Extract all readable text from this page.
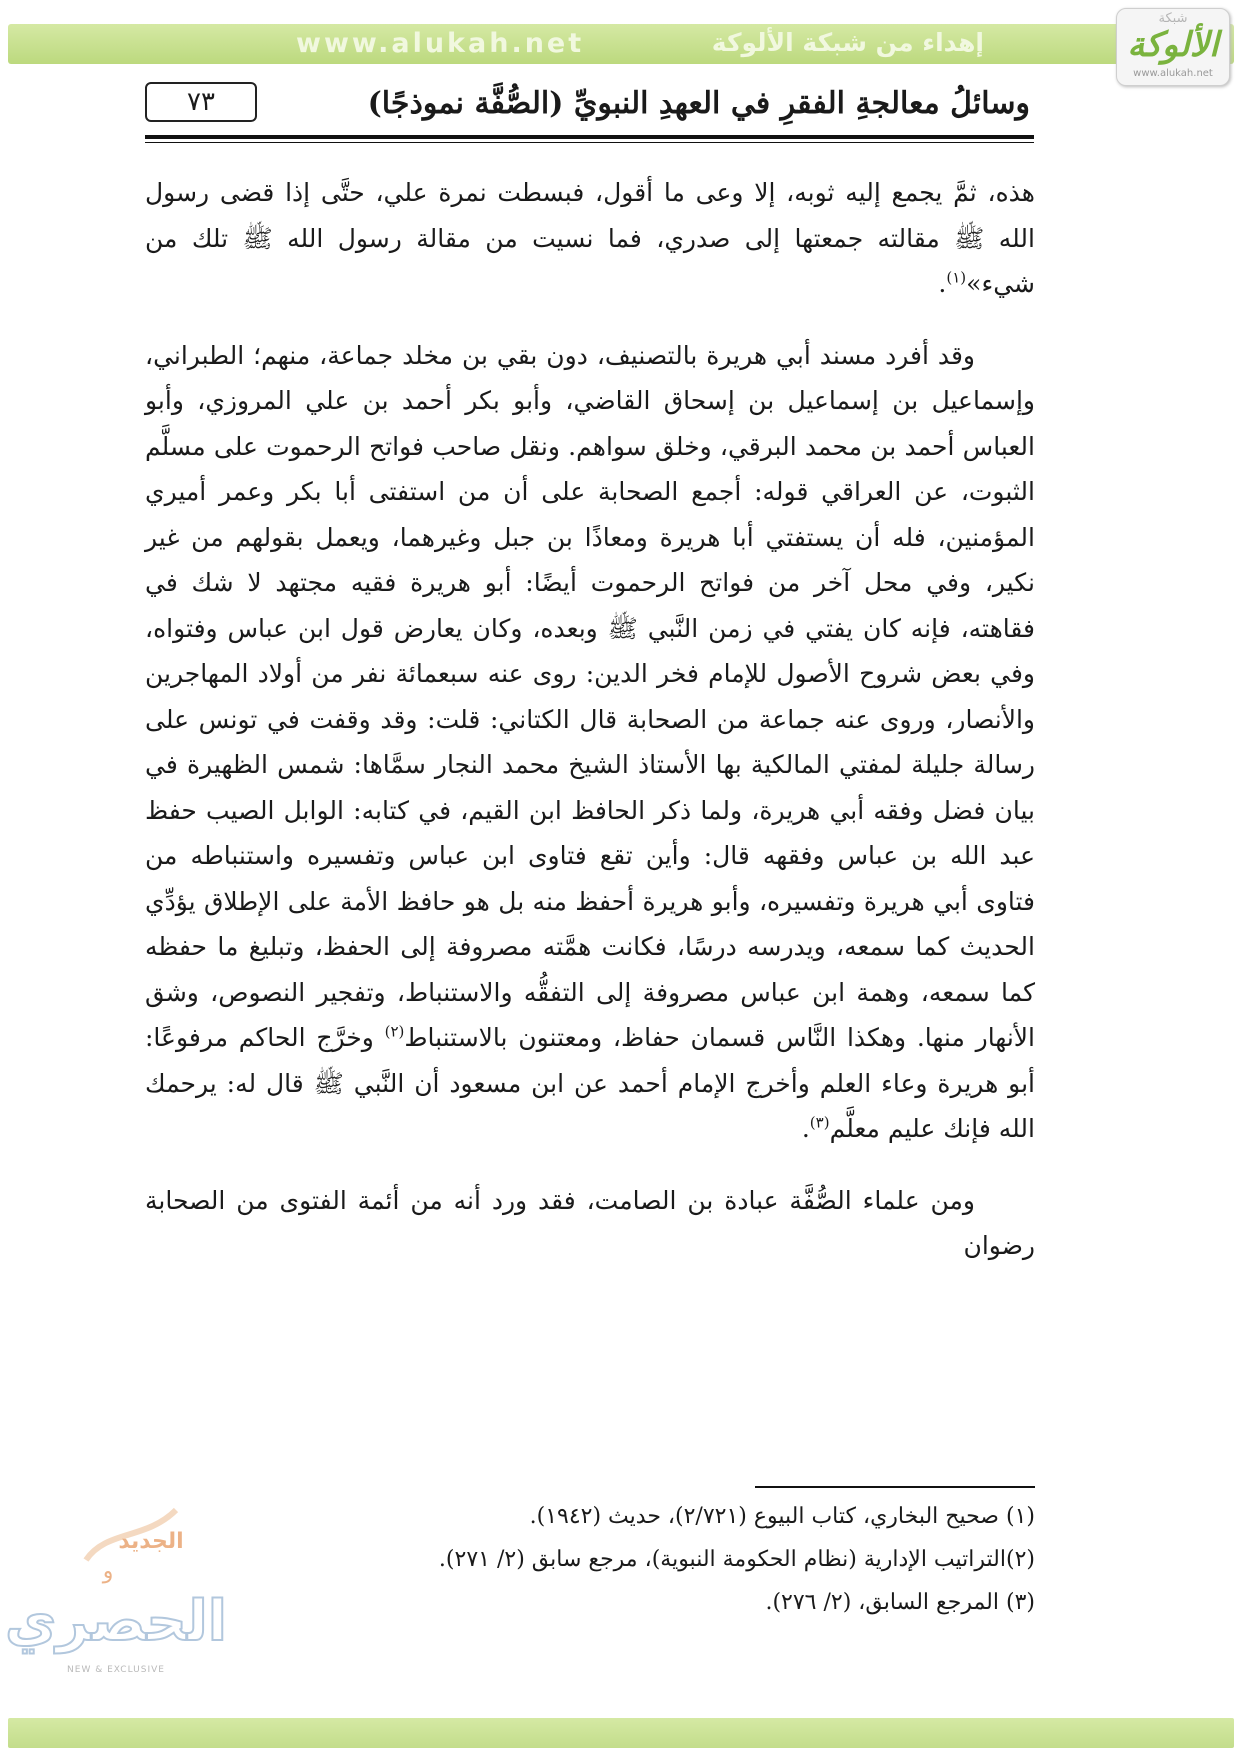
www.alukah.net	إهداء من شبكة الألوكة
شبكة
الألوكة
www.alukah.net
٧٣	وسائلُ معالجةِ الفقرِ في العهدِ النبويِّ (الصُّفَّة نموذجًا)

هذه، ثمَّ يجمع إليه ثوبه، إلا وعى ما أقول، فبسطت نمرة علي، حتَّى إذا قضى رسول الله ﷺ مقالته جمعتها إلى صدري، فما نسيت من مقالة رسول الله ﷺ تلك من شيء»$^{(١)}$.

وقد أفرد مسند أبي هريرة بالتصنيف، دون بقي بن مخلد جماعة، منهم؛ الطبراني، وإسماعيل بن إسماعيل بن إسحاق القاضي، وأبو بكر أحمد بن علي المروزي، وأبو العباس أحمد بن محمد البرقي، وخلق سواهم. ونقل صاحب فواتح الرحموت على مسلَّم الثبوت، عن العراقي قوله: أجمع الصحابة على أن من استفتى أبا بكر وعمر أميري المؤمنين، فله أن يستفتي أبا هريرة ومعاذًا بن جبل وغيرهما، ويعمل بقولهم من غير نكير، وفي محل آخر من فواتح الرحموت أيضًا: أبو هريرة فقيه مجتهد لا شك في فقاهته، فإنه كان يفتي في زمن النَّبي ﷺ وبعده، وكان يعارض قول ابن عباس وفتواه، وفي بعض شروح الأصول للإمام فخر الدين: روى عنه سبعمائة نفر من أولاد المهاجرين والأنصار، وروى عنه جماعة من الصحابة قال الكتاني: قلت: وقد وقفت في تونس على رسالة جليلة لمفتي المالكية بها الأستاذ الشيخ محمد النجار سمَّاها: شمس الظهيرة في بيان فضل وفقه أبي هريرة، ولما ذكر الحافظ ابن القيم، في كتابه: الوابل الصيب حفظ عبد الله بن عباس وفقهه قال: وأين تقع فتاوى ابن عباس وتفسيره واستنباطه من فتاوى أبي هريرة وتفسيره، وأبو هريرة أحفظ منه بل هو حافظ الأمة على الإطلاق يؤدِّي الحديث كما سمعه، ويدرسه درسًا، فكانت همَّته مصروفة إلى الحفظ، وتبليغ ما حفظه كما سمعه، وهمة ابن عباس مصروفة إلى التفقُّه والاستنباط، وتفجير النصوص، وشق الأنهار منها. وهكذا النَّاس قسمان حفاظ، ومعتنون بالاستنباط$^{(٢)}$ وخرَّج الحاكم مرفوعًا: أبو هريرة وعاء العلم وأخرج الإمام أحمد عن ابن مسعود أن النَّبي ﷺ قال له: يرحمك الله فإنك عليم معلَّم$^{(٣)}$.

ومن علماء الصُّفَّة عبادة بن الصامت، فقد ورد أنه من أئمة الفتوى من الصحابة رضوان

(١) صحيح البخاري، كتاب البيوع (٢/٧٢١)، حديث (١٩٤٢).
(٢)التراتيب الإدارية (نظام الحكومة النبوية)، مرجع سابق (٢/ ٢٧١).
(٣) المرجع السابق، (٢/ ٢٧٦).
الجديد
و
الحصري
NEW & EXCLUSIVE
